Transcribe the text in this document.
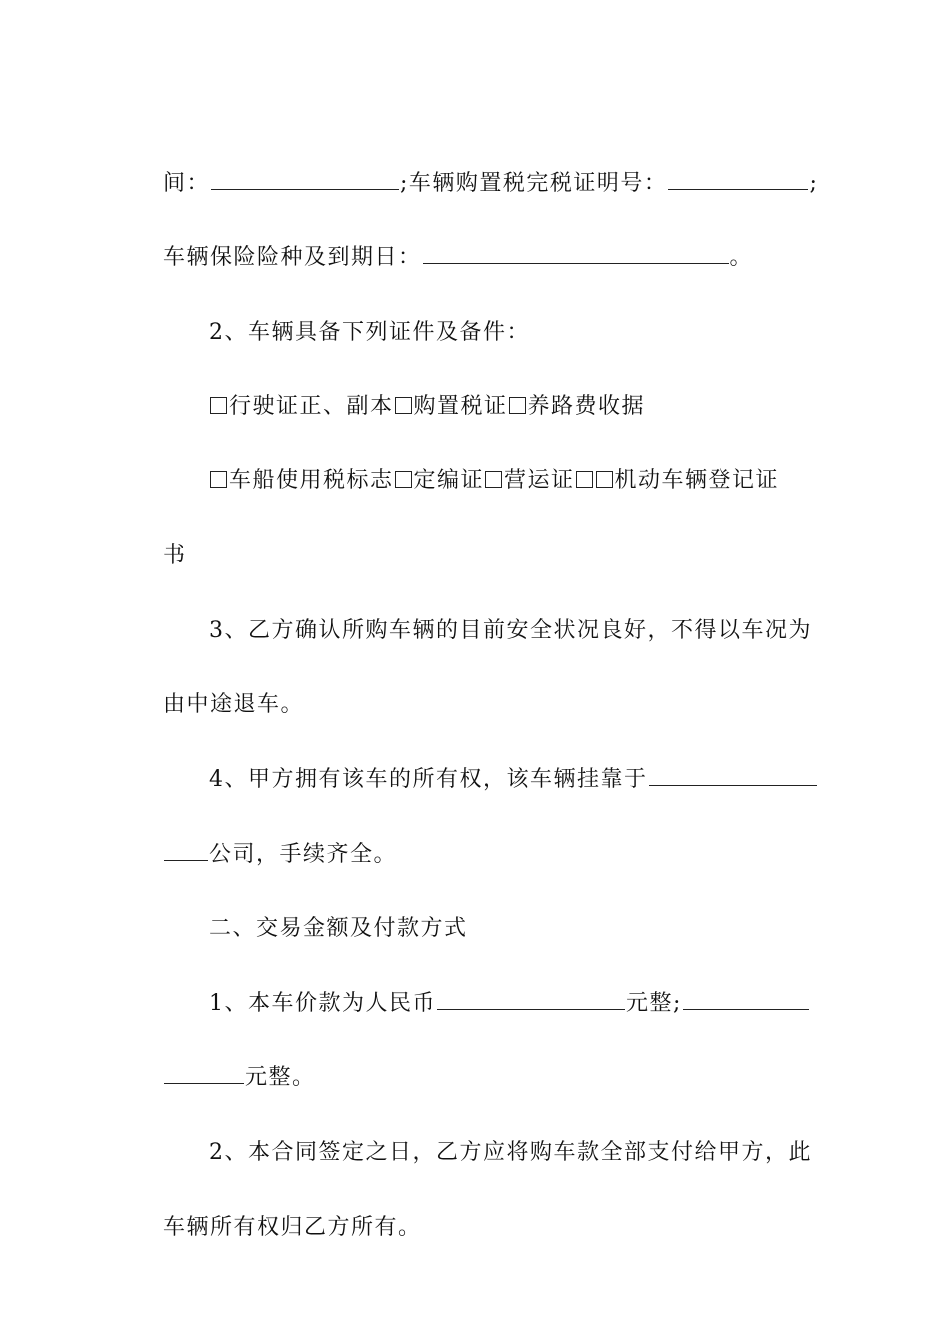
间：	;车辆购置税完税证明号：	;

车辆保险险种及到期日：	。

2、车辆具备下列证件及备件：

行驶证正、副本 购置税证 养路费收据

车船使用税标志 定编证 营运证 机动车辆登记证

书

3、乙方确认所购车辆的目前安全状况良好，不得以车况为

由中途退车。

4、甲方拥有该车的所有权，该车辆挂靠于

公司，手续齐全。

二、交易金额及付款方式

1、本车价款为人民币	元整;

元整。

2、本合同签定之日，乙方应将购车款全部支付给甲方，此

车辆所有权归乙方所有。
